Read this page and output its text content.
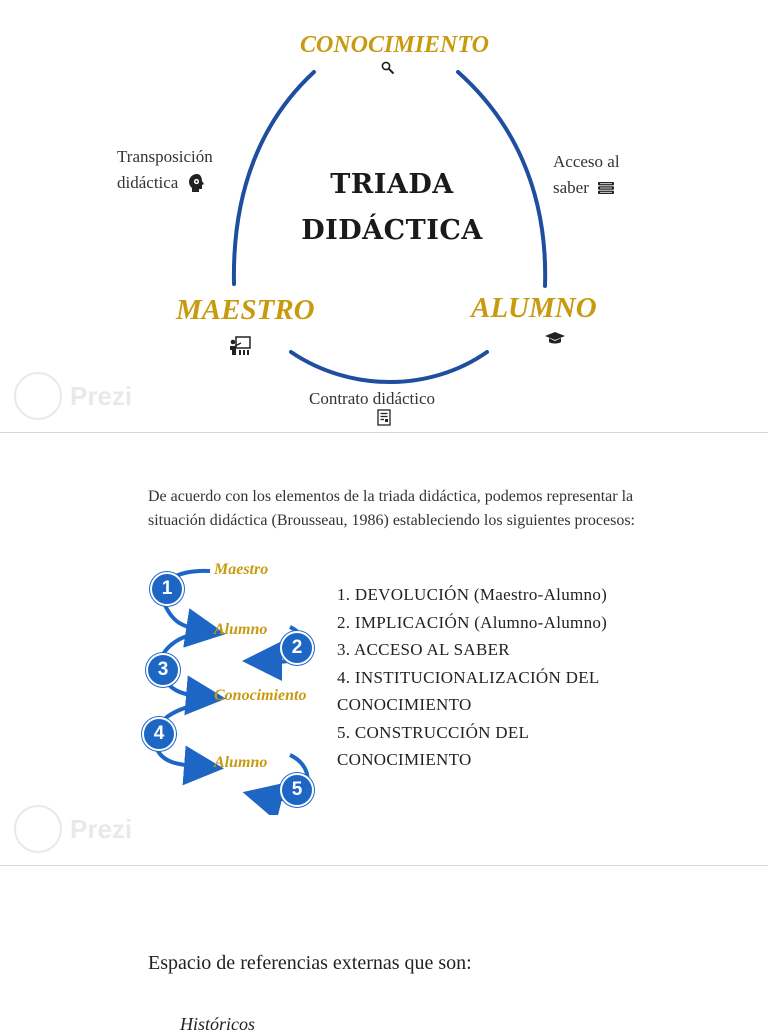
CONOCIMIENTO
TRIADA
DIDÁCTICA
Transposición
didáctica
Acceso al
saber
MAESTRO	ALUMNO
Contrato didáctico
Prezi
De acuerdo con los elementos de la triada didáctica, podemos representar la situación didáctica (Brousseau, 1986) estableciendo los siguientes procesos:
Maestro
Alumno
Conocimiento
Alumno
1
2
3
4
5
1. DEVOLUCIÓN (Maestro-Alumno)
2. IMPLICACIÓN (Alumno-Alumno)
3. ACCESO AL SABER
4. INSTITUCIONALIZACIÓN DEL
CONOCIMIENTO
5. CONSTRUCCIÓN DEL
CONOCIMIENTO
Prezi
Espacio de referencias externas que son:
Históricos
